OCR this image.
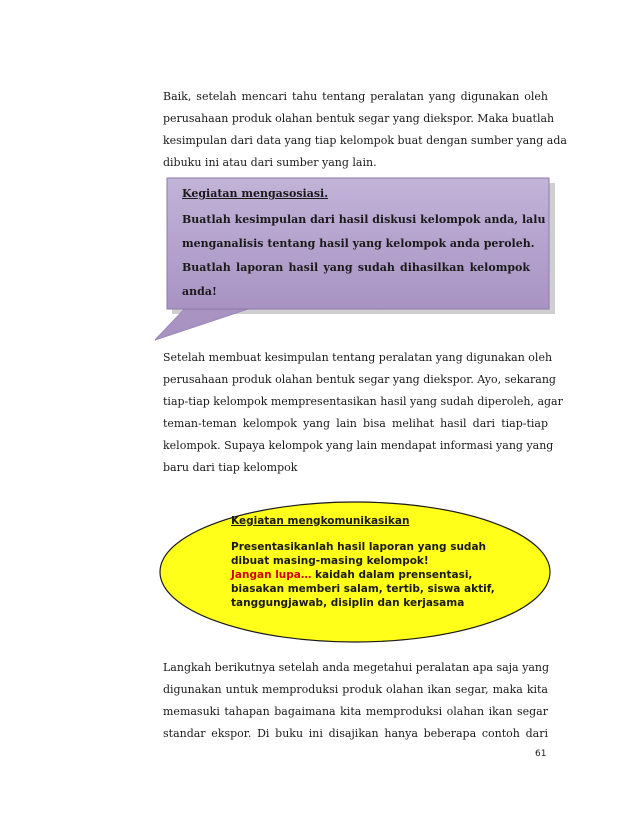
Baik, setelah mencari tahu tentang peralatan yang digunakan oleh
perusahaan produk olahan bentuk segar yang diekspor. Maka buatlah
kesimpulan dari data yang tiap kelompok buat dengan sumber yang ada
dibuku ini atau dari sumber yang lain.
Kegiatan mengasosiasi.
Buatlah kesimpulan dari hasil diskusi kelompok anda, lalu
menganalisis tentang hasil yang kelompok anda peroleh.
Buatlah laporan hasil yang sudah dihasilkan kelompok
anda!
Setelah membuat kesimpulan tentang peralatan yang digunakan oleh
perusahaan produk olahan bentuk segar yang diekspor. Ayo, sekarang
tiap-tiap kelompok mempresentasikan hasil yang sudah diperoleh, agar
teman-teman kelompok yang lain bisa melihat hasil dari tiap-tiap
kelompok. Supaya kelompok yang lain mendapat informasi yang yang
baru dari tiap kelompok
Kegiatan mengkomunikasikan
Presentasikanlah hasil laporan yang sudah
dibuat masing-masing kelompok!
Jangan lupa… kaidah dalam prensentasi,
biasakan memberi salam, tertib, siswa aktif,
tanggungjawab, disiplin dan kerjasama
Langkah berikutnya setelah anda megetahui peralatan apa saja yang
digunakan untuk memproduksi produk olahan ikan segar, maka kita
memasuki tahapan bagaimana kita memproduksi olahan ikan segar
standar ekspor. Di buku ini disajikan hanya beberapa contoh dari
61
